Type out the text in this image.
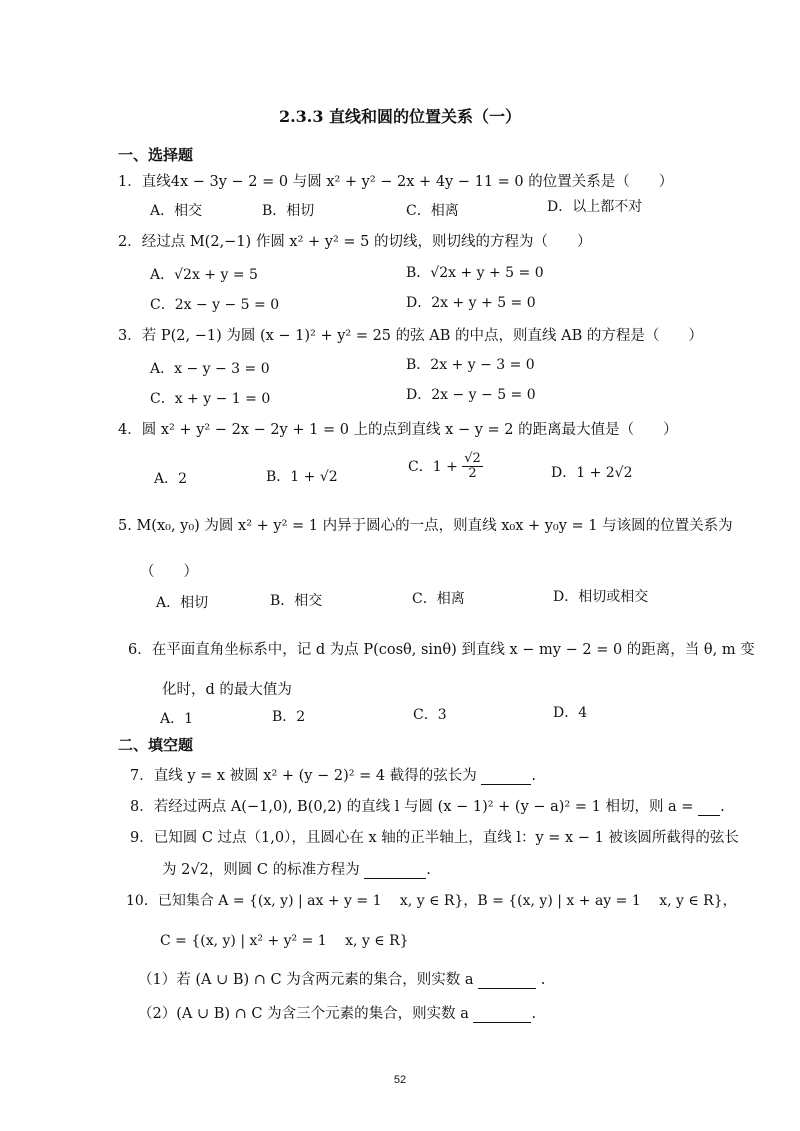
2.3.3 直线和圆的位置关系（一）
一、选择题
1．直线4x − 3y − 2 = 0 与圆 x² + y² − 2x + 4y − 11 = 0 的位置关系是（　　）
A．相交	B．相切	C．相离	D．以上都不对
2．经过点 M(2,−1) 作圆 x² + y² = 5 的切线，则切线的方程为（　　）
A．√2x + y = 5	B．√2x + y + 5 = 0
C．2x − y − 5 = 0	D．2x + y + 5 = 0
3．若 P(2, −1) 为圆 (x − 1)² + y² = 25 的弦 AB 的中点，则直线 AB 的方程是（　　）
A．x − y − 3 = 0	B．2x + y − 3 = 0
C．x + y − 1 = 0	D．2x − y − 5 = 0
4．圆 x² + y² − 2x − 2y + 1 = 0 上的点到直线 x − y = 2 的距离最大值是（　　）
A．2	B．1 + √2
C．$1 + \frac{√2}{2}$	D．1 + 2√2
5. M(x₀, y₀) 为圆 x² + y² = 1 内异于圆心的一点，则直线 x₀x + y₀y = 1 与该圆的位置关系为
（　　）
A．相切	B．相交	C．相离	D．相切或相交
6．在平面直角坐标系中，记 d 为点 P(cosθ, sinθ) 到直线 x − my − 2 = 0 的距离，当 θ, m 变
化时，d 的最大值为
A．1	B．2	C．3	D．4
二、填空题
7．直线 y = x 被圆 x² + (y − 2)² = 4 截得的弦长为	.
8．若经过两点 A(−1,0), B(0,2) 的直线 l 与圆 (x − 1)² + (y − a)² = 1 相切，则 a = .
9．已知圆 C 过点（1,0），且圆心在 x 轴的正半轴上，直线 l：y = x − 1 被该圆所截得的弦长
为 2√2，则圆 C 的标准方程为	.
10．已知集合 A = {(x, y) | ax + y = 1　 x, y ∈ R}，B = {(x, y) | x + ay = 1　 x, y ∈ R}，
C = {(x, y) | x² + y² = 1　 x, y ∈ R}
（1）若 (A ∪ B) ∩ C 为含两元素的集合，则实数 a	.
（2）(A ∪ B) ∩ C 为含三个元素的集合，则实数 a	.
52
